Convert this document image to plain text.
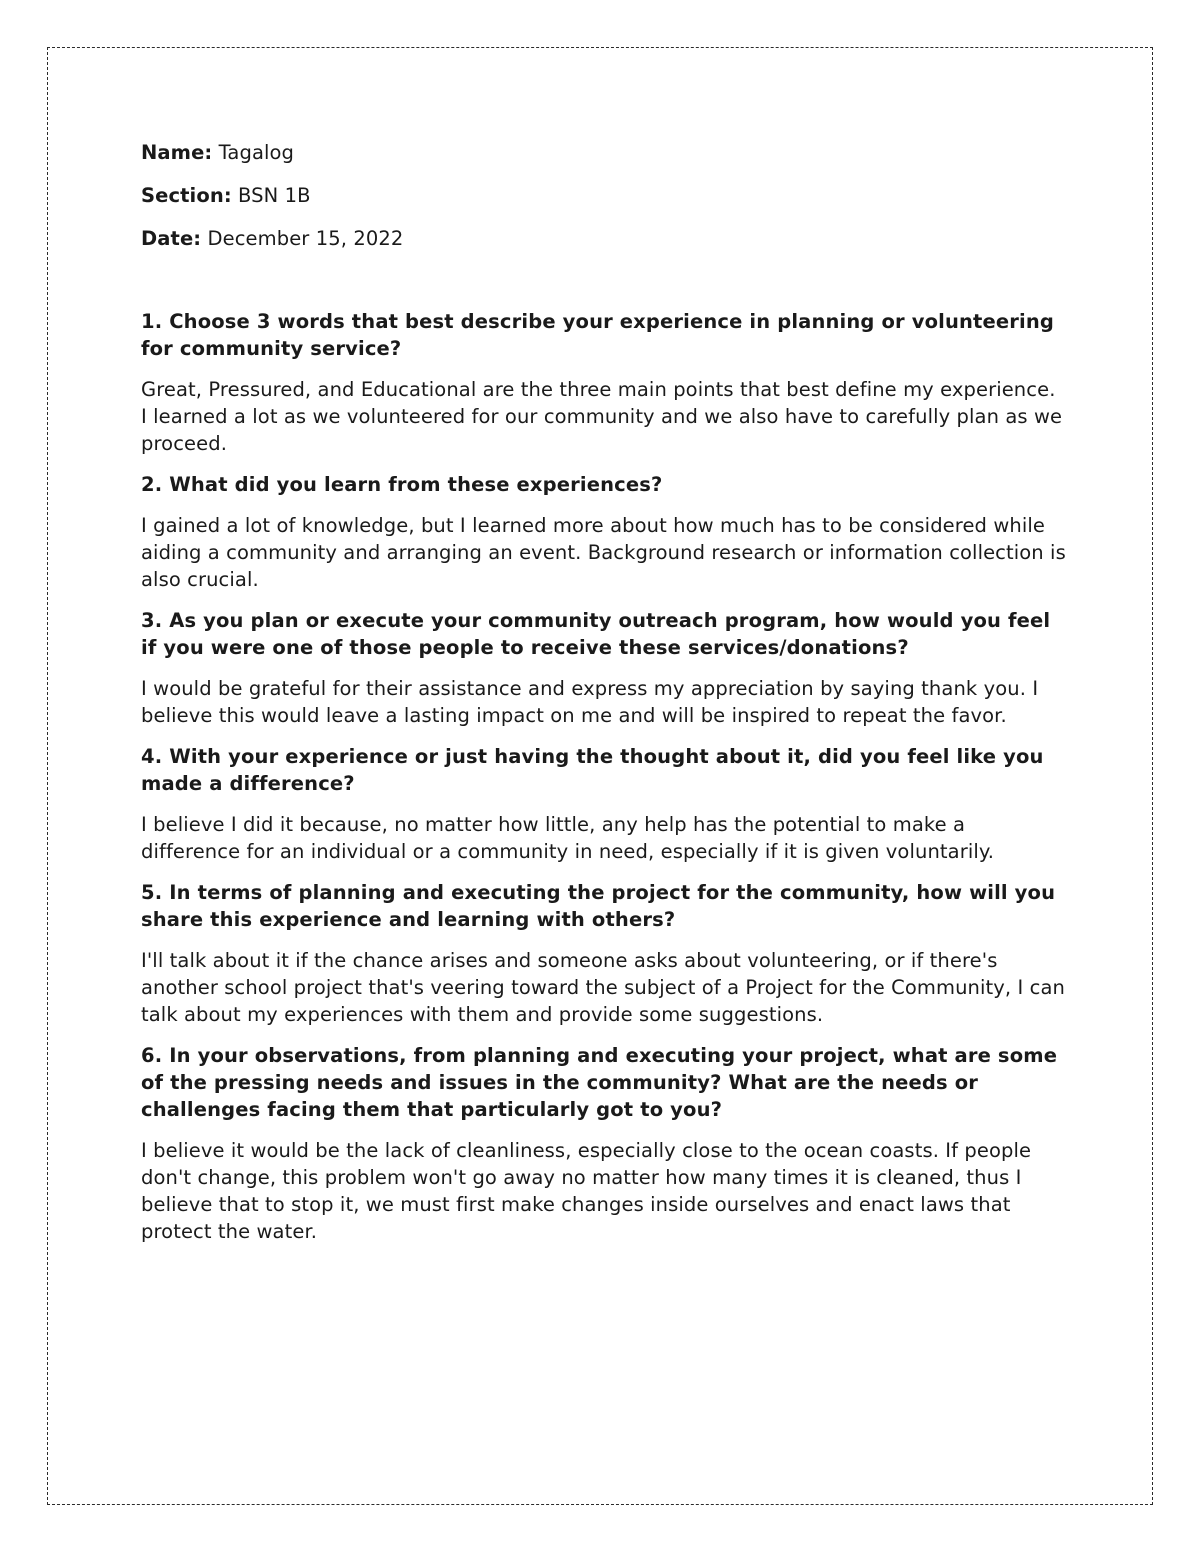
Name: Tagalog

Section: BSN 1B

Date: December 15, 2022

1. Choose 3 words that best describe your experience in planning or volunteering for community service?

Great, Pressured, and Educational are the three main points that best define my experience. I learned a lot as we volunteered for our community and we also have to carefully plan as we proceed.

2. What did you learn from these experiences?

I gained a lot of knowledge, but I learned more about how much has to be considered while aiding a community and arranging an event. Background research or information collection is also crucial.

3. As you plan or execute your community outreach program, how would you feel if you were one of those people to receive these services/donations?

I would be grateful for their assistance and express my appreciation by saying thank you. I believe this would leave a lasting impact on me and will be inspired to repeat the favor.

4. With your experience or just having the thought about it, did you feel like you made a difference?

I believe I did it because, no matter how little, any help has the potential to make a difference for an individual or a community in need, especially if it is given voluntarily.

5. In terms of planning and executing the project for the community, how will you share this experience and learning with others?

I'll talk about it if the chance arises and someone asks about volunteering, or if there's another school project that's veering toward the subject of a Project for the Community, I can talk about my experiences with them and provide some suggestions.

6. In your observations, from planning and executing your project, what are some of the pressing needs and issues in the community? What are the needs or challenges facing them that particularly got to you?

I believe it would be the lack of cleanliness, especially close to the ocean coasts. If people don't change, this problem won't go away no matter how many times it is cleaned, thus I believe that to stop it, we must first make changes inside ourselves and enact laws that protect the water.
